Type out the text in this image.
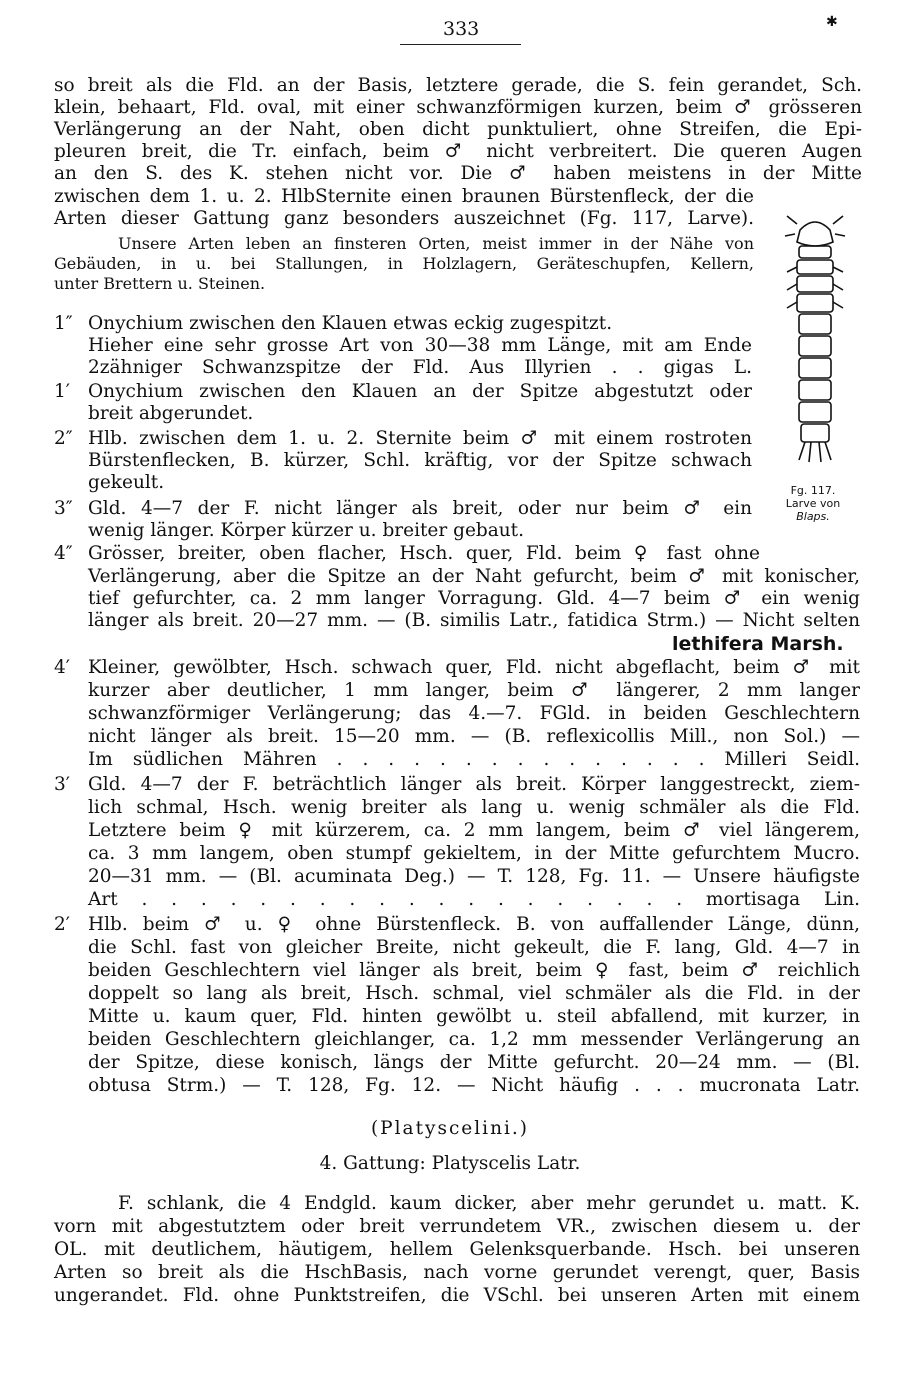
333	✱
so breit als die Fld. an der Basis, letztere gerade, die S. fein gerandet, Sch.
klein, behaart, Fld. oval, mit einer schwanzförmigen kurzen, beim ♂ grösseren
Verlängerung an der Naht, oben dicht punktuliert, ohne Streifen, die Epi-
pleuren breit, die Tr. einfach, beim ♂ nicht verbreitert. Die queren Augen
an den S. des K. stehen nicht vor. Die ♂ haben meistens in der Mitte
zwischen dem 1. u. 2. HlbSternite einen braunen Bürstenfleck, der die
Arten dieser Gattung ganz besonders auszeichnet (Fg. 117, Larve).
Unsere Arten leben an finsteren Orten, meist immer in der Nähe von
Gebäuden, in u. bei Stallungen, in Holzlagern, Geräteschupfen, Kellern,
unter Brettern u. Steinen.
Fg. 117.
Larve von
Blaps.
1″ Onychium zwischen den Klauen etwas eckig zugespitzt.
Hieher eine sehr grosse Art von 30—38 mm Länge, mit am Ende
2zähniger Schwanzspitze der Fld. Aus Illyrien . . gigas L.
1′ Onychium zwischen den Klauen an der Spitze abgestutzt oder
breit abgerundet.
2″ Hlb. zwischen dem 1. u. 2. Sternite beim ♂ mit einem rostroten
Bürstenflecken, B. kürzer, Schl. kräftig, vor der Spitze schwach
gekeult.
3″ Gld. 4—7 der F. nicht länger als breit, oder nur beim ♂ ein
wenig länger. Körper kürzer u. breiter gebaut.
4″ Grösser, breiter, oben flacher, Hsch. quer, Fld. beim ♀ fast ohne
Verlängerung, aber die Spitze an der Naht gefurcht, beim ♂ mit konischer,
tief gefurchter, ca. 2 mm langer Vorragung. Gld. 4—7 beim ♂ ein wenig
länger als breit. 20—27 mm. — (B. similis Latr., fatidica Strm.) — Nicht selten
lethifera Marsh.
4′ Kleiner, gewölbter, Hsch. schwach quer, Fld. nicht abgeflacht, beim ♂ mit
kurzer aber deutlicher, 1 mm langer, beim ♂ längerer, 2 mm langer
schwanzförmiger Verlängerung; das 4.—7. FGld. in beiden Geschlechtern
nicht länger als breit. 15—20 mm. — (B. reflexicollis Mill., non Sol.) —
Im südlichen Mähren . . . . . . . . . . . . . . . Milleri Seidl.
3′ Gld. 4—7 der F. beträchtlich länger als breit. Körper langgestreckt, ziem-
lich schmal, Hsch. wenig breiter als lang u. wenig schmäler als die Fld.
Letztere beim ♀ mit kürzerem, ca. 2 mm langem, beim ♂ viel längerem,
ca. 3 mm langem, oben stumpf gekieltem, in der Mitte gefurchtem Mucro.
20—31 mm. — (Bl. acuminata Deg.) — T. 128, Fg. 11. — Unsere häufigste
Art . . . . . . . . . . . . . . . . . . . mortisaga Lin.
2′ Hlb. beim ♂ u. ♀ ohne Bürstenfleck. B. von auffallender Länge, dünn,
die Schl. fast von gleicher Breite, nicht gekeult, die F. lang, Gld. 4—7 in
beiden Geschlechtern viel länger als breit, beim ♀ fast, beim ♂ reichlich
doppelt so lang als breit, Hsch. schmal, viel schmäler als die Fld. in der
Mitte u. kaum quer, Fld. hinten gewölbt u. steil abfallend, mit kurzer, in
beiden Geschlechtern gleichlanger, ca. 1,2 mm messender Verlängerung an
der Spitze, diese konisch, längs der Mitte gefurcht. 20—24 mm. — (Bl.
obtusa Strm.) — T. 128, Fg. 12. — Nicht häufig . . . mucronata Latr.
(Platyscelini.)
4. Gattung: Platyscelis Latr.
F. schlank, die 4 Endgld. kaum dicker, aber mehr gerundet u. matt. K.
vorn mit abgestutztem oder breit verrundetem VR., zwischen diesem u. der
OL. mit deutlichem, häutigem, hellem Gelenksquerbande. Hsch. bei unseren
Arten so breit als die HschBasis, nach vorne gerundet verengt, quer, Basis
ungerandet. Fld. ohne Punktstreifen, die VSchl. bei unseren Arten mit einem
